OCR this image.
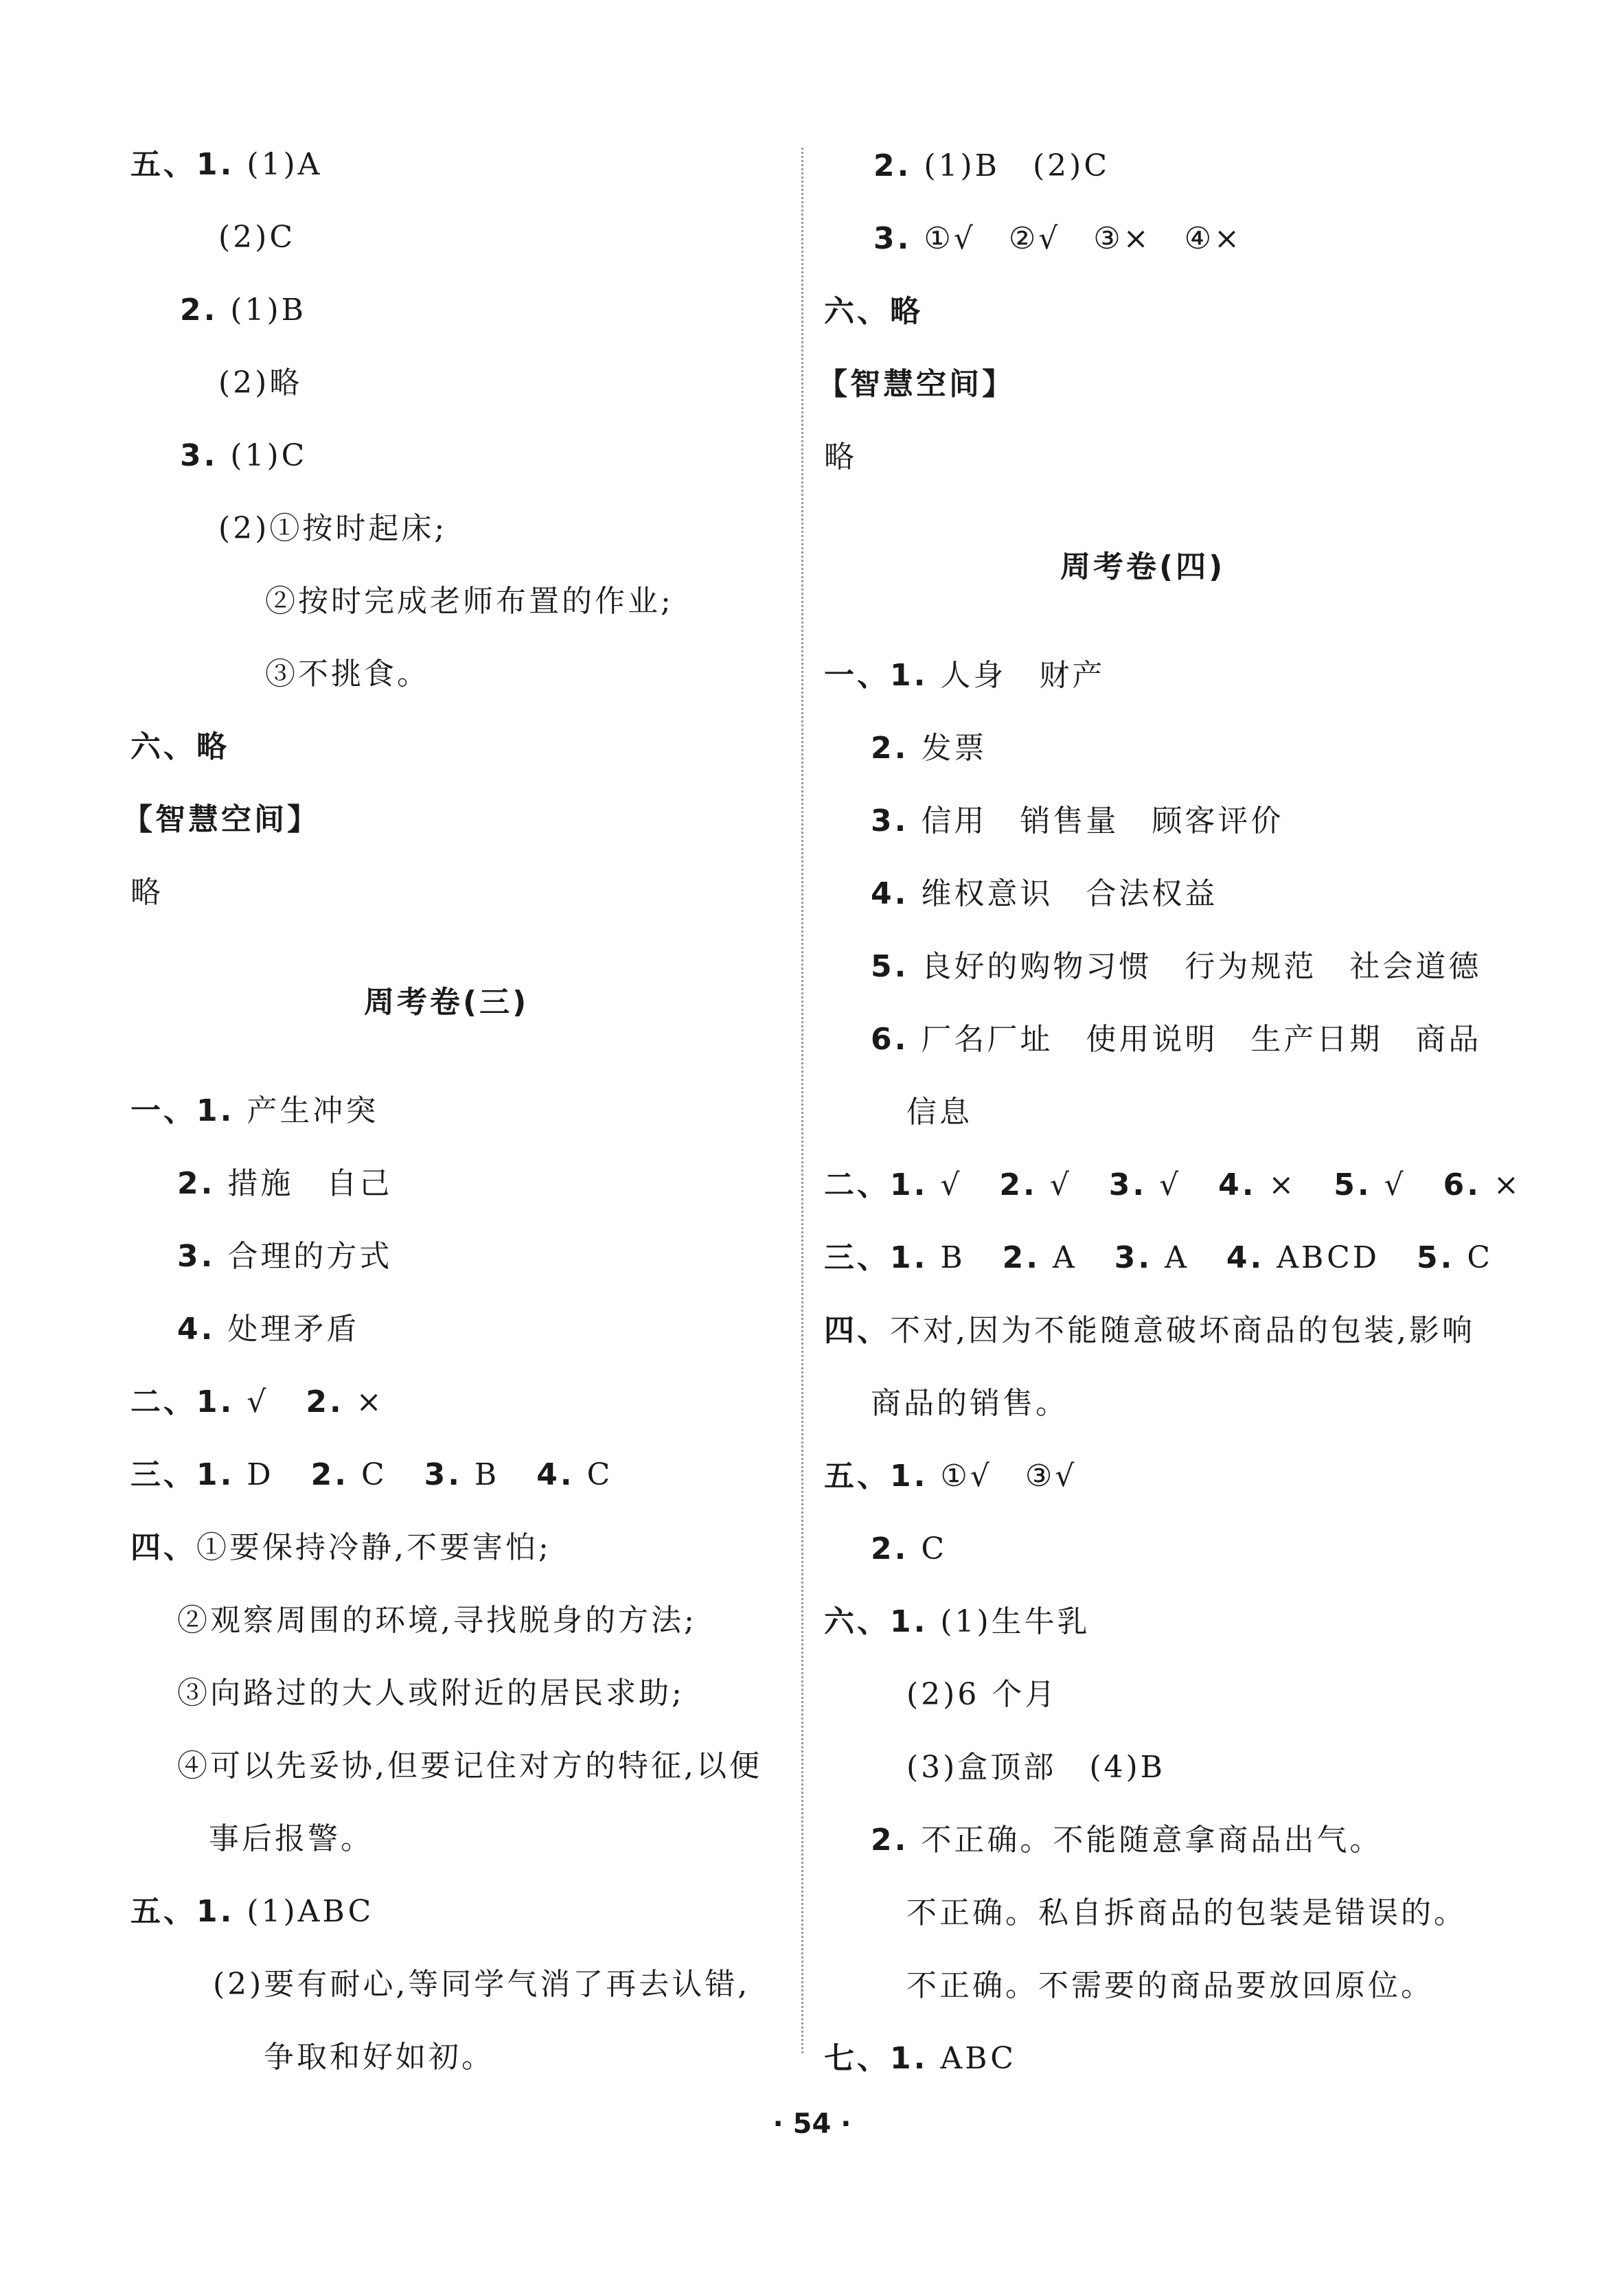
五、1. (1)A
(2)C
2. (1)B
(2)略
3. (1)C
(2)①按时起床;
②按时完成老师布置的作业;
③不挑食。
六、略
【智慧空间】
略
周考卷(三)
一、1. 产生冲突
2. 措施　自己
3. 合理的方式
4. 处理矛盾
二、1. √ 2. ×
三、1. D 2. C 3. B 4. C
四、①要保持冷静,不要害怕;
②观察周围的环境,寻找脱身的方法;
③向路过的大人或附近的居民求助;
④可以先妥协,但要记住对方的特征,以便
事后报警。
五、1. (1)ABC
(2)要有耐心,等同学气消了再去认错,
争取和好如初。
2. (1)B　(2)C
3. ①√　②√　③×　④×
六、略
【智慧空间】
略
周考卷(四)
一、1. 人身　财产
2. 发票
3. 信用　销售量　顾客评价
4. 维权意识　合法权益
5. 良好的购物习惯　行为规范　社会道德
6. 厂名厂址　使用说明　生产日期　商品
信息
二、1. √ 2. √ 3. √ 4. × 5. √ 6. ×
三、1. B 2. A 3. A 4. ABCD 5. C
四、不对,因为不能随意破坏商品的包装,影响
商品的销售。
五、1. ①√　③√
2. C
六、1. (1)生牛乳
(2)6 个月
(3)盒顶部　(4)B
2. 不正确。不能随意拿商品出气。
不正确。私自拆商品的包装是错误的。
不正确。不需要的商品要放回原位。
七、1. ABC
· 54 ·
